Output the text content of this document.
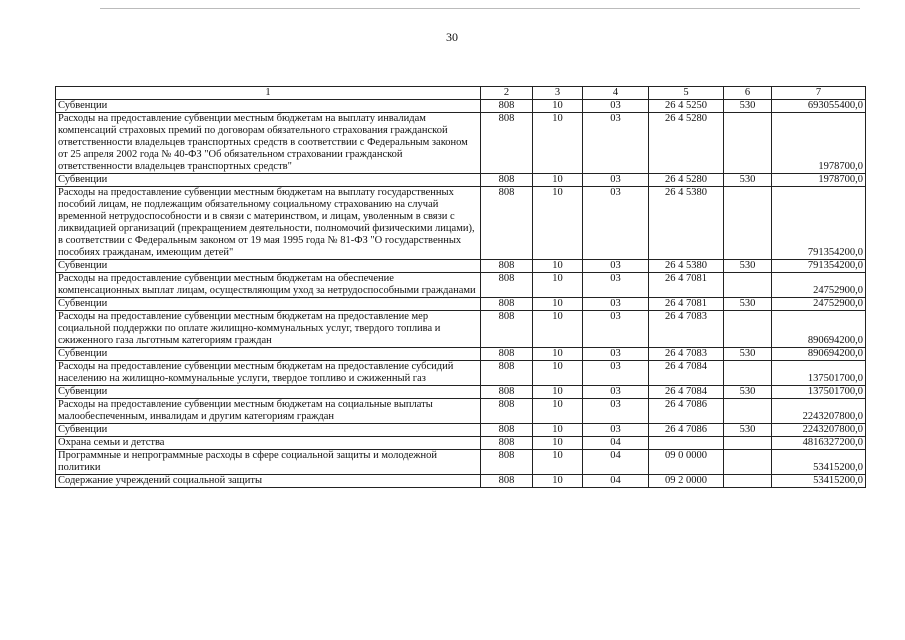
30
1	2	3	4	5	6	7
Субвенции	808	10	03	26 4 5250	530	693055400,0
Расходы на предоставление субвенции местным бюджетам на выплату инвалидам компенсаций страховых премий по договорам обязательного страхования гражданской ответственности владельцев транспортных средств в соответствии с Федеральным законом от 25 апреля 2002 года № 40-ФЗ "Об обязательном страховании гражданской ответственности владельцев транспортных средств"	808	10	03	26 4 5280		1978700,0
Субвенции	808	10	03	26 4 5280	530	1978700,0
Расходы на предоставление субвенции местным бюджетам на выплату государственных пособий лицам, не подлежащим обязательному социальному страхованию на случай временной нетрудоспособности и в связи с материнством, и лицам, уволенным в связи с ликвидацией организаций (прекращением деятельности, полномочий физическими лицами), в соответствии с Федеральным законом от 19 мая 1995 года № 81-ФЗ "О государственных пособиях гражданам, имеющим детей"	808	10	03	26 4 5380		791354200,0
Субвенции	808	10	03	26 4 5380	530	791354200,0
Расходы на предоставление субвенции местным бюджетам на обеспечение компенсационных выплат лицам, осуществляющим уход за нетрудоспособными гражданами	808	10	03	26 4 7081		24752900,0
Субвенции	808	10	03	26 4 7081	530	24752900,0
Расходы на предоставление субвенции местным бюджетам на предоставление мер социальной поддержки по оплате жилищно-коммунальных услуг, твердого топлива и сжиженного газа льготным категориям граждан	808	10	03	26 4 7083		890694200,0
Субвенции	808	10	03	26 4 7083	530	890694200,0
Расходы на предоставление субвенции местным бюджетам на предоставление субсидий населению на жилищно-коммунальные услуги, твердое топливо и сжиженный газ	808	10	03	26 4 7084		137501700,0
Субвенции	808	10	03	26 4 7084	530	137501700,0
Расходы на предоставление субвенции местным бюджетам на социальные выплаты малообеспеченным, инвалидам и другим категориям граждан	808	10	03	26 4 7086		2243207800,0
Субвенции	808	10	03	26 4 7086	530	2243207800,0
Охрана семьи и детства	808	10	04			4816327200,0
Программные и непрограммные расходы в сфере социальной защиты и молодежной политики	808	10	04	09 0 0000		53415200,0
Содержание учреждений социальной защиты	808	10	04	09 2 0000		53415200,0
